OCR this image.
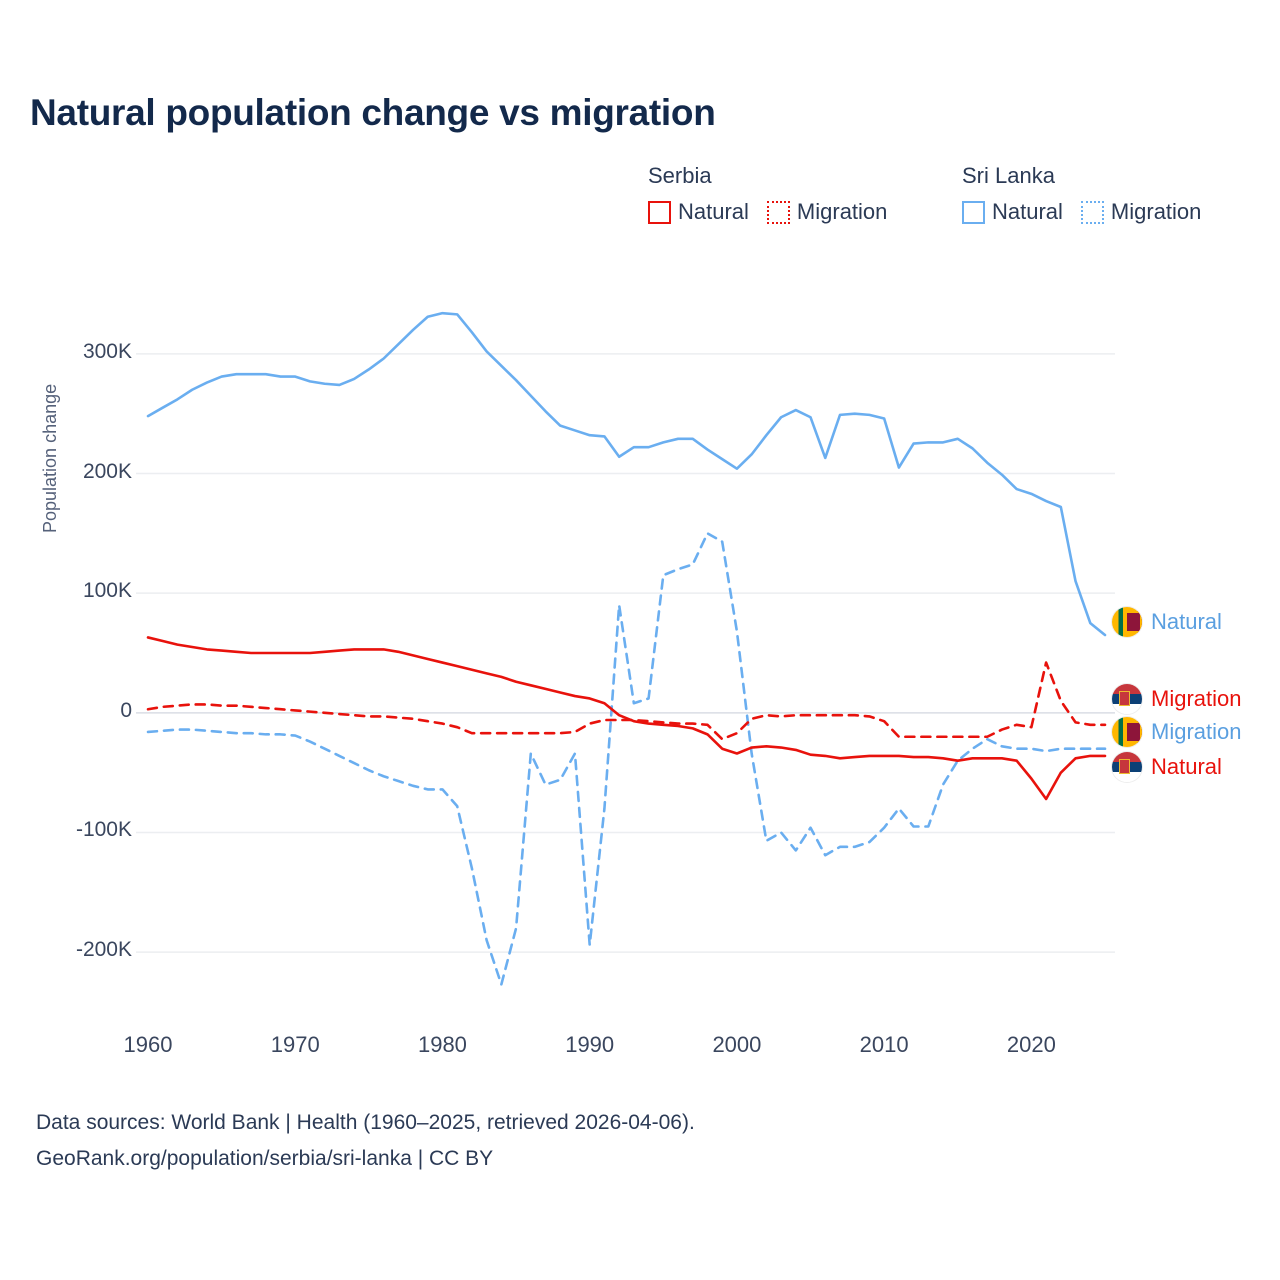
Natural population change vs migration
Serbia
Natural Migration
Sri Lanka
Natural Migration
Population change
-200K
-100K
0
100K
200K
300K
1960	1970	1980	1990	2000	2010	2020
Natural
Migration
Migration
Natural
Data sources: World Bank | Health (1960–2025, retrieved 2026-04-06).
GeoRank.org/population/serbia/sri-lanka | CC BY
